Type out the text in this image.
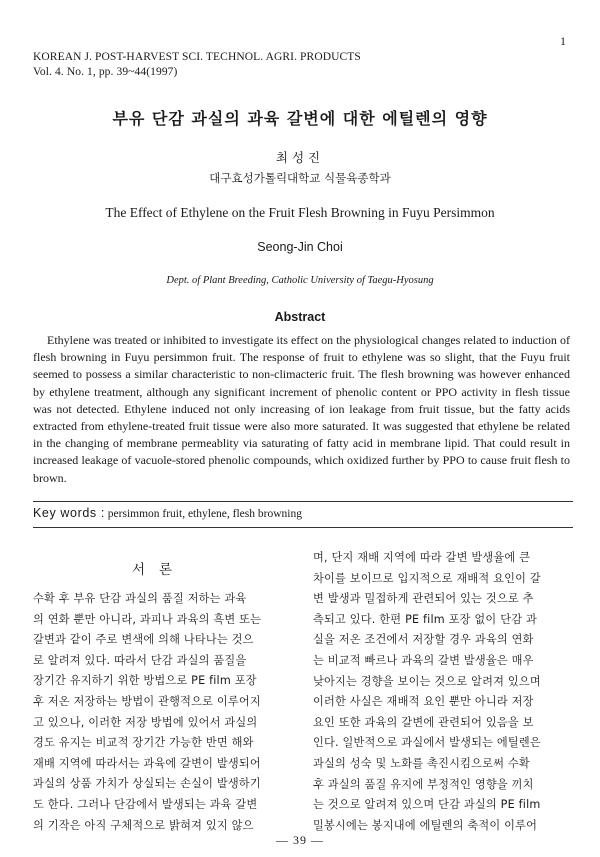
1
KOREAN J. POST-HARVEST SCI. TECHNOL. AGRI. PRODUCTS
Vol. 4. No. 1, pp. 39~44(1997)
부유 단감 과실의 과육 갈변에 대한 에틸렌의 영향
최성진
대구효성가톨릭대학교 식물육종학과
The Effect of Ethylene on the Fruit Flesh Browning in Fuyu Persimmon
Seong-Jin Choi
Dept. of Plant Breeding, Catholic University of Taegu-Hyosung
Abstract
Ethylene was treated or inhibited to investigate its effect on the physiological changes related to induction of flesh browning in Fuyu persimmon fruit. The response of fruit to ethylene was so slight, that the Fuyu fruit seemed to possess a similar characteristic to non-climacteric fruit. The flesh browning was however enhanced by ethylene treatment, although any significant increment of phenolic content or PPO activity in flesh tissue was not detected. Ethylene induced not only increasing of ion leakage from fruit tissue, but the fatty acids extracted from ethylene-treated fruit tissue were also more saturated. It was suggested that ethylene be related in the changing of membrane permeablity via saturating of fatty acid in membrane lipid. That could result in increased leakage of vacuole-stored phenolic compounds, which oxidized further by PPO to cause fruit flesh to brown.
Key words : persimmon fruit, ethylene, flesh browning
서론
수확 후 부유 단감 과실의 품질 저하는 과육
의 연화 뿐만 아니라, 과피나 과육의 흑변 또는
갈변과 같이 주로 변색에 의해 나타나는 것으
로 알려져 있다. 따라서 단감 과실의 품질을
장기간 유지하기 위한 방법으로 PE film 포장
후 저온 저장하는 방법이 관행적으로 이루어지
고 있으나, 이러한 저장 방법에 있어서 과실의
경도 유지는 비교적 장기간 가능한 반면 해와
재배 지역에 따라서는 과육에 갈변이 발생되어
과실의 상품 가치가 상실되는 손실이 발생하기
도 한다. 그러나 단감에서 발생되는 과육 갈변
의 기작은 아직 구체적으로 밝혀져 있지 않으
며, 단지 재배 지역에 따라 갈변 발생율에 큰
차이를 보이므로 입지적으로 재배적 요인이 갈
변 발생과 밀접하게 관련되어 있는 것으로 추
측되고 있다. 한편 PE film 포장 없이 단감 과
실을 저온 조건에서 저장할 경우 과육의 연화
는 비교적 빠르나 과육의 갈변 발생율은 매우
낮아지는 경향을 보이는 것으로 알려져 있으며
이러한 사실은 재배적 요인 뿐만 아니라 저장
요인 또한 과육의 갈변에 관련되어 있음을 보
인다. 일반적으로 과실에서 발생되는 에틸렌은
과실의 성숙 및 노화를 촉진시킴으로써 수확
후 과실의 품질 유지에 부정적인 영향을 끼치
는 것으로 알려져 있으며 단감 과실의 PE film
밀봉시에는 봉지내에 에틸렌의 축적이 이루어
— 39 —
